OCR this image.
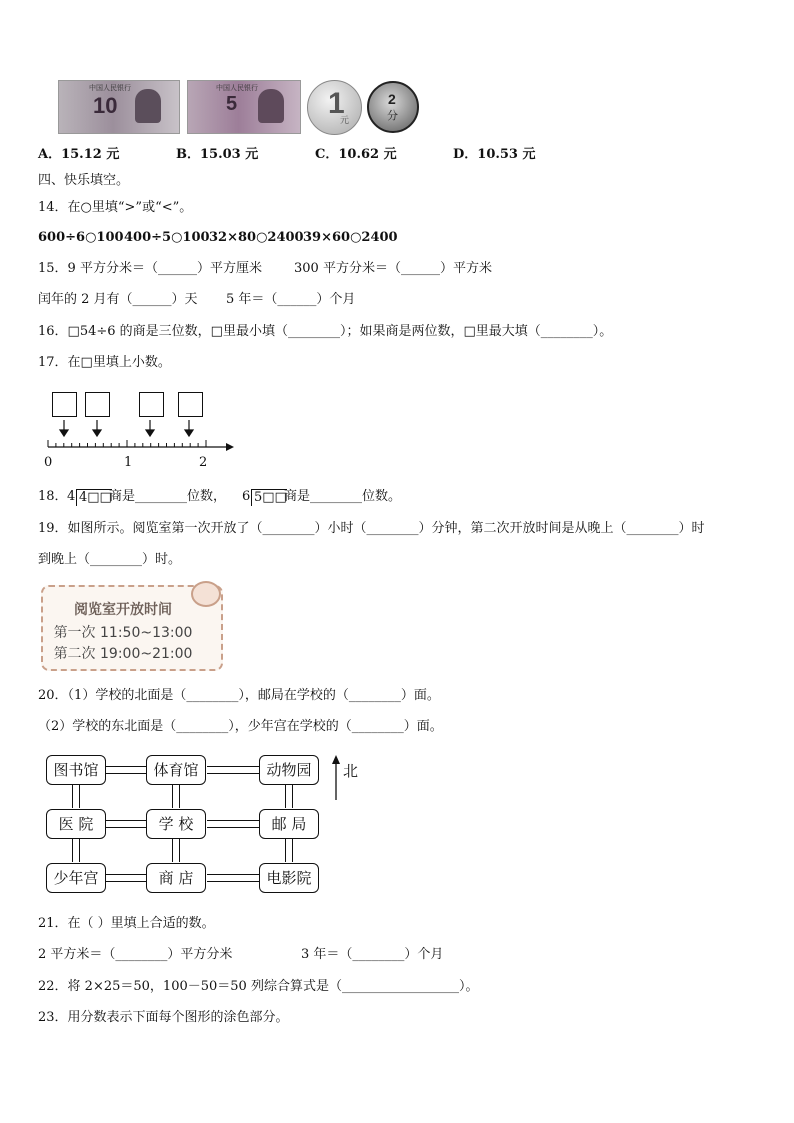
中国人民银行
10
中国人民银行
5	1
元
2
分
A．15.12 元	B．15.03 元	C．10.62 元	D．10.53 元
四、快乐填空。
14．在○里填“>”或“<”。
600÷6○100 400÷5○100 32×80○2400 39×60○2400
15．9 平方分米＝（______）平方厘米 300 平方分米＝（______）平方米
闰年的 2 月有（______）天 5 年＝（______）个月
16．□54÷6 的商是三位数，□里最小填（________）；如果商是两位数，□里最大填（________）。
17．在□里填上小数。
0	1	2
18． 4 4□□
商是________位数， 6 5□□
商是________位数。
19．如图所示。阅览室第一次开放了（________）小时（________）分钟，第二次开放时间是从晚上（________）时
到晚上（________）时。
阅览室开放时间
第一次 11:50~13:00
第二次 19:00~21:00
20．（1）学校的北面是（________），邮局在学校的（________）面。
（2）学校的东北面是（________），少年宫在学校的（________）面。
图书馆	体育馆	动物园
医 院	学 校	邮 局
少年宫	商 店	电影院
北
21．在（ ）里填上合适的数。
2 平方米＝（________）平方分米	3 年＝（________）个月
22．将 2×25＝50，100－50＝50 列综合算式是（__________________）。
23．用分数表示下面每个图形的涂色部分。
